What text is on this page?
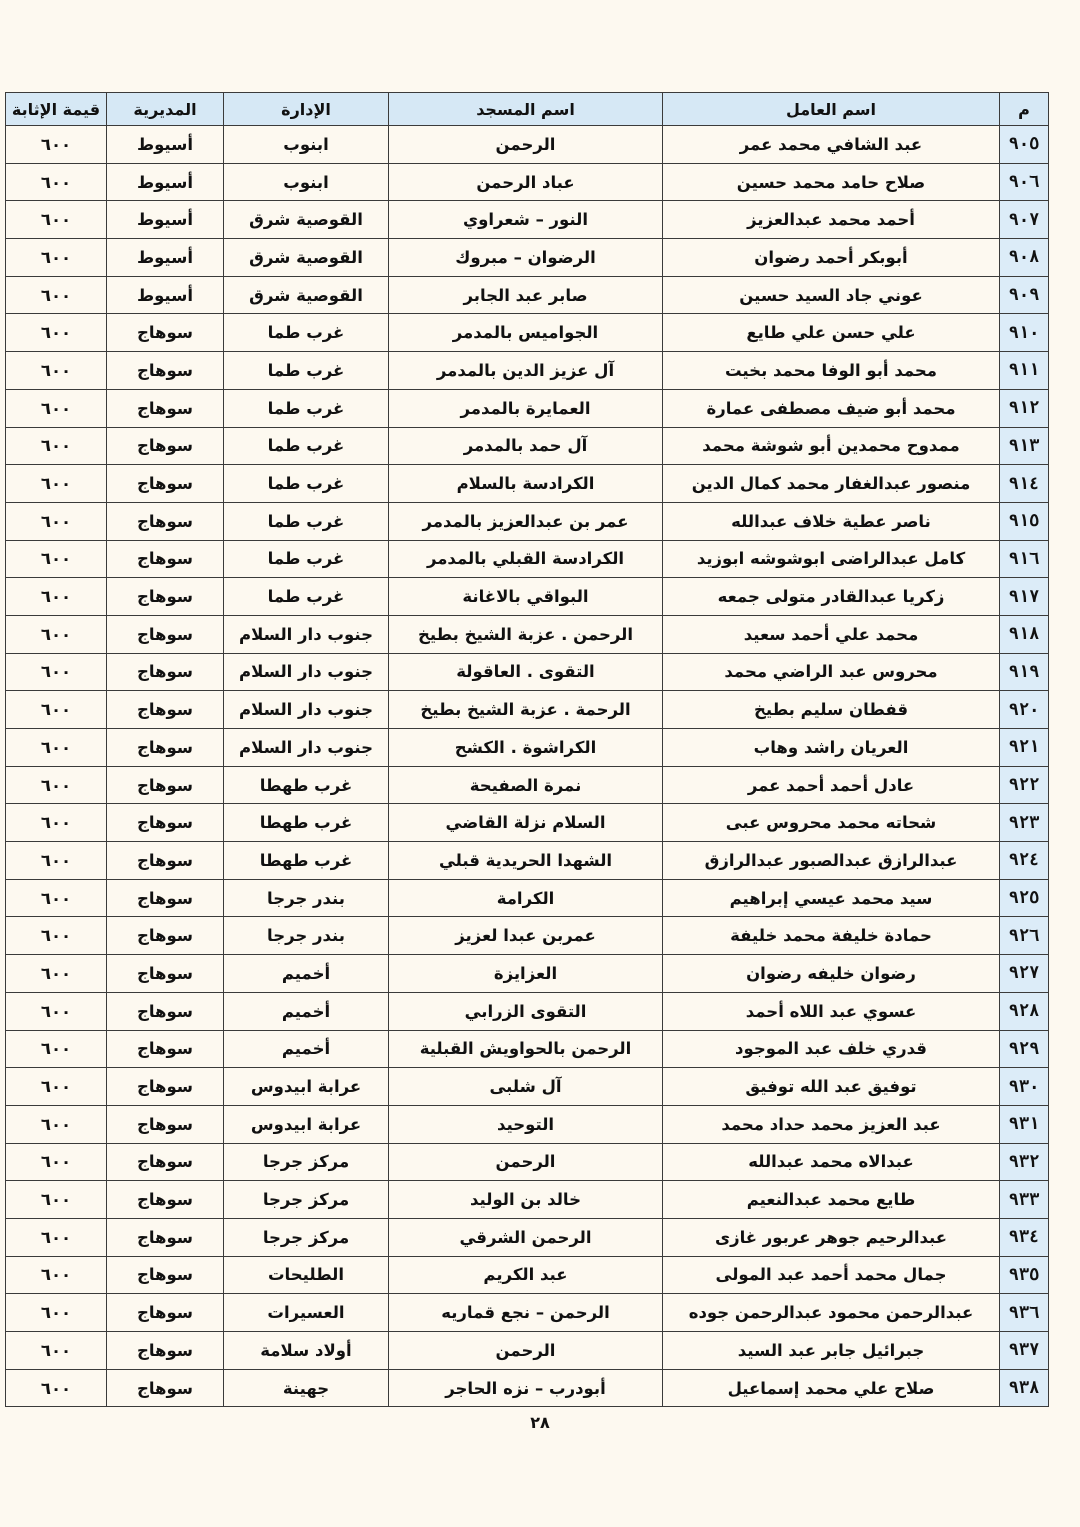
م	اسم العامل	اسم المسجد	الإدارة	المديرية	قيمة الإثابة
٩٠٥	عبد الشافي محمد عمر	الرحمن	ابنوب	أسيوط	٦٠٠
٩٠٦	صلاح حامد محمد حسين	عباد الرحمن	ابنوب	أسيوط	٦٠٠
٩٠٧	أحمد محمد عبدالعزيز	النور – شعراوي	القوصية شرق	أسيوط	٦٠٠
٩٠٨	أبوبكر أحمد رضوان	الرضوان – مبروك	القوصية شرق	أسيوط	٦٠٠
٩٠٩	عوني جاد السيد حسين	صابر عبد الجابر	القوصية شرق	أسيوط	٦٠٠
٩١٠	علي حسن علي طايع	الجواميس بالمدمر	غرب طما	سوهاج	٦٠٠
٩١١	محمد أبو الوفا محمد بخيت	آل عزيز الدين بالمدمر	غرب طما	سوهاج	٦٠٠
٩١٢	محمد أبو ضيف مصطفى عمارة	العمايرة بالمدمر	غرب طما	سوهاج	٦٠٠
٩١٣	ممدوح محمدين أبو شوشة محمد	آل حمد بالمدمر	غرب طما	سوهاج	٦٠٠
٩١٤	منصور عبدالغفار محمد كمال الدين	الكرادسة بالسلام	غرب طما	سوهاج	٦٠٠
٩١٥	ناصر عطية خلاف عبدالله	عمر بن عبدالعزيز بالمدمر	غرب طما	سوهاج	٦٠٠
٩١٦	كامل عبدالراضى ابوشوشه ابوزيد	الكرادسة القبلي بالمدمر	غرب طما	سوهاج	٦٠٠
٩١٧	زكريا عبدالقادر متولى جمعه	البواقي بالاغانة	غرب طما	سوهاج	٦٠٠
٩١٨	محمد علي أحمد سعيد	الرحمن . عزبة الشيخ بطيخ	جنوب دار السلام	سوهاج	٦٠٠
٩١٩	محروس عبد الراضي محمد	التقوى . العاقولة	جنوب دار السلام	سوهاج	٦٠٠
٩٢٠	قفطان سليم بطيخ	الرحمة . عزبة الشيخ بطيخ	جنوب دار السلام	سوهاج	٦٠٠
٩٢١	العريان راشد وهاب	الكراشوة . الكشح	جنوب دار السلام	سوهاج	٦٠٠
٩٢٢	عادل أحمد أحمد عمر	نمرة الصفيحة	غرب طهطا	سوهاج	٦٠٠
٩٢٣	شحاته محمد محروس عبى	السلام نزلة القاضي	غرب طهطا	سوهاج	٦٠٠
٩٢٤	عبدالرازق عبدالصبور عبدالرازق	الشهدا الحريدية قبلي	غرب طهطا	سوهاج	٦٠٠
٩٢٥	سيد محمد عيسي إبراهيم	الكرامة	بندر جرجا	سوهاج	٦٠٠
٩٢٦	حمادة خليفة محمد خليفة	عمربن عبدا لعزيز	بندر جرجا	سوهاج	٦٠٠
٩٢٧	رضوان خليفه رضوان	العزايزة	أخميم	سوهاج	٦٠٠
٩٢٨	عسوي عبد اللاه أحمد	التقوى الزرابي	أخميم	سوهاج	٦٠٠
٩٢٩	قدري خلف عبد الموجود	الرحمن بالحواويش القبلية	أخميم	سوهاج	٦٠٠
٩٣٠	توفيق عبد الله توفيق	آل شلبى	عرابة ابيدوس	سوهاج	٦٠٠
٩٣١	عبد العزيز محمد حداد محمد	التوحيد	عرابة ابيدوس	سوهاج	٦٠٠
٩٣٢	عبدالاه محمد عبدالله	الرحمن	مركز جرجا	سوهاج	٦٠٠
٩٣٣	طايع محمد عبدالنعيم	خالد بن الوليد	مركز جرجا	سوهاج	٦٠٠
٩٣٤	عبدالرحيم جوهر عربور غازى	الرحمن الشرقي	مركز جرجا	سوهاج	٦٠٠
٩٣٥	جمال محمد أحمد عبد المولى	عبد الكريم	الطليحات	سوهاج	٦٠٠
٩٣٦	عبدالرحمن محمود عبدالرحمن جوده	الرحمن – نجع قماريه	العسيرات	سوهاج	٦٠٠
٩٣٧	جبرائيل جابر عبد السيد	الرحمن	أولاد سلامة	سوهاج	٦٠٠
٩٣٨	صلاح علي محمد إسماعيل	أبودرب – نزه الحاجر	جهينة	سوهاج	٦٠٠
٢٨
